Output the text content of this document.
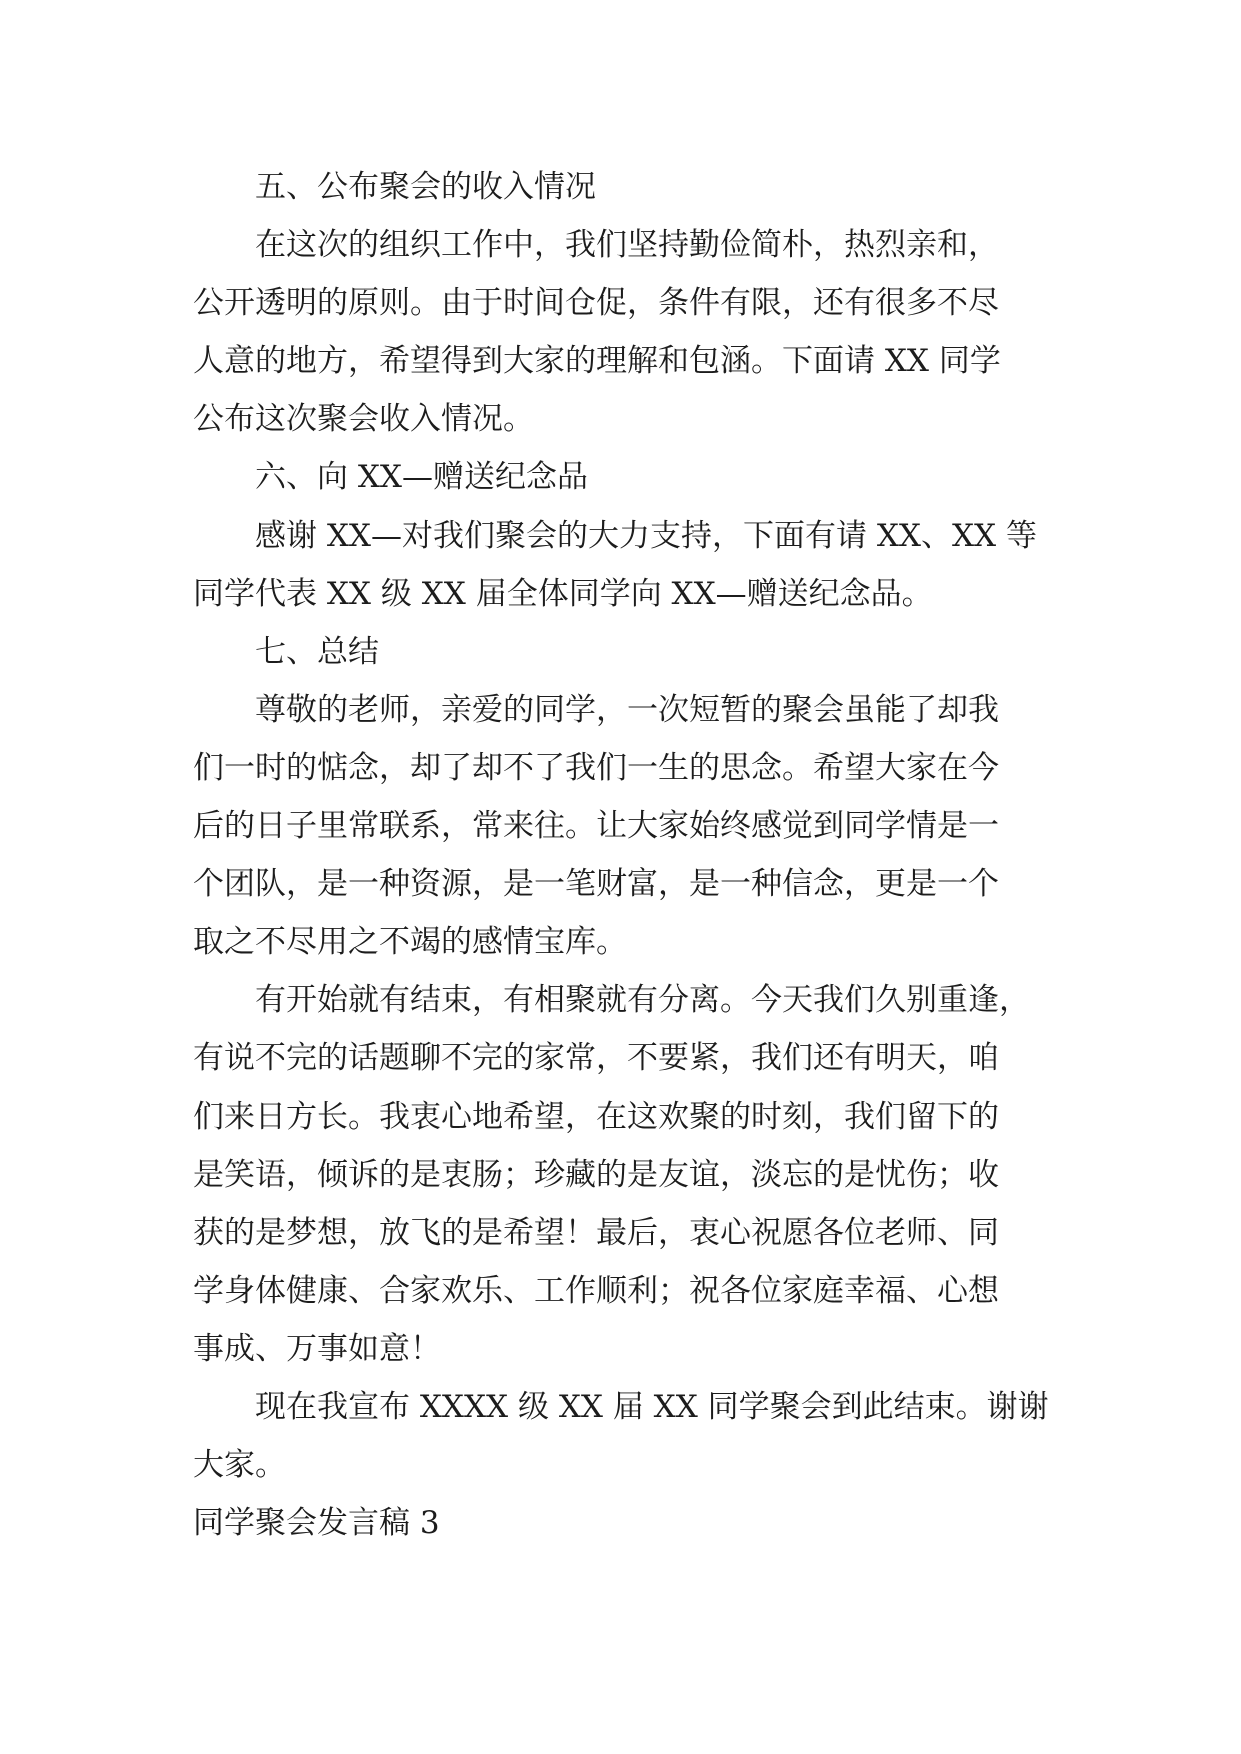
五、公布聚会的收入情况
在这次的组织工作中，我们坚持勤俭简朴，热烈亲和，
公开透明的原则。由于时间仓促，条件有限，还有很多不尽
人意的地方，希望得到大家的理解和包涵。下面请 XX 同学
公布这次聚会收入情况。
六、向 XX—赠送纪念品
感谢 XX—对我们聚会的大力支持，下面有请 XX、XX 等
同学代表 XX 级 XX 届全体同学向 XX—赠送纪念品。
七、总结
尊敬的老师，亲爱的同学，一次短暂的聚会虽能了却我
们一时的惦念，却了却不了我们一生的思念。希望大家在今
后的日子里常联系，常来往。让大家始终感觉到同学情是一
个团队，是一种资源，是一笔财富，是一种信念，更是一个
取之不尽用之不竭的感情宝库。
有开始就有结束，有相聚就有分离。今天我们久别重逢，
有说不完的话题聊不完的家常，不要紧，我们还有明天，咱
们来日方长。我衷心地希望，在这欢聚的时刻，我们留下的
是笑语，倾诉的是衷肠；珍藏的是友谊，淡忘的是忧伤；收
获的是梦想，放飞的是希望！最后，衷心祝愿各位老师、同
学身体健康、合家欢乐、工作顺利；祝各位家庭幸福、心想
事成、万事如意！
现在我宣布 XXXX 级 XX 届 XX 同学聚会到此结束。谢谢
大家。
同学聚会发言稿 3
